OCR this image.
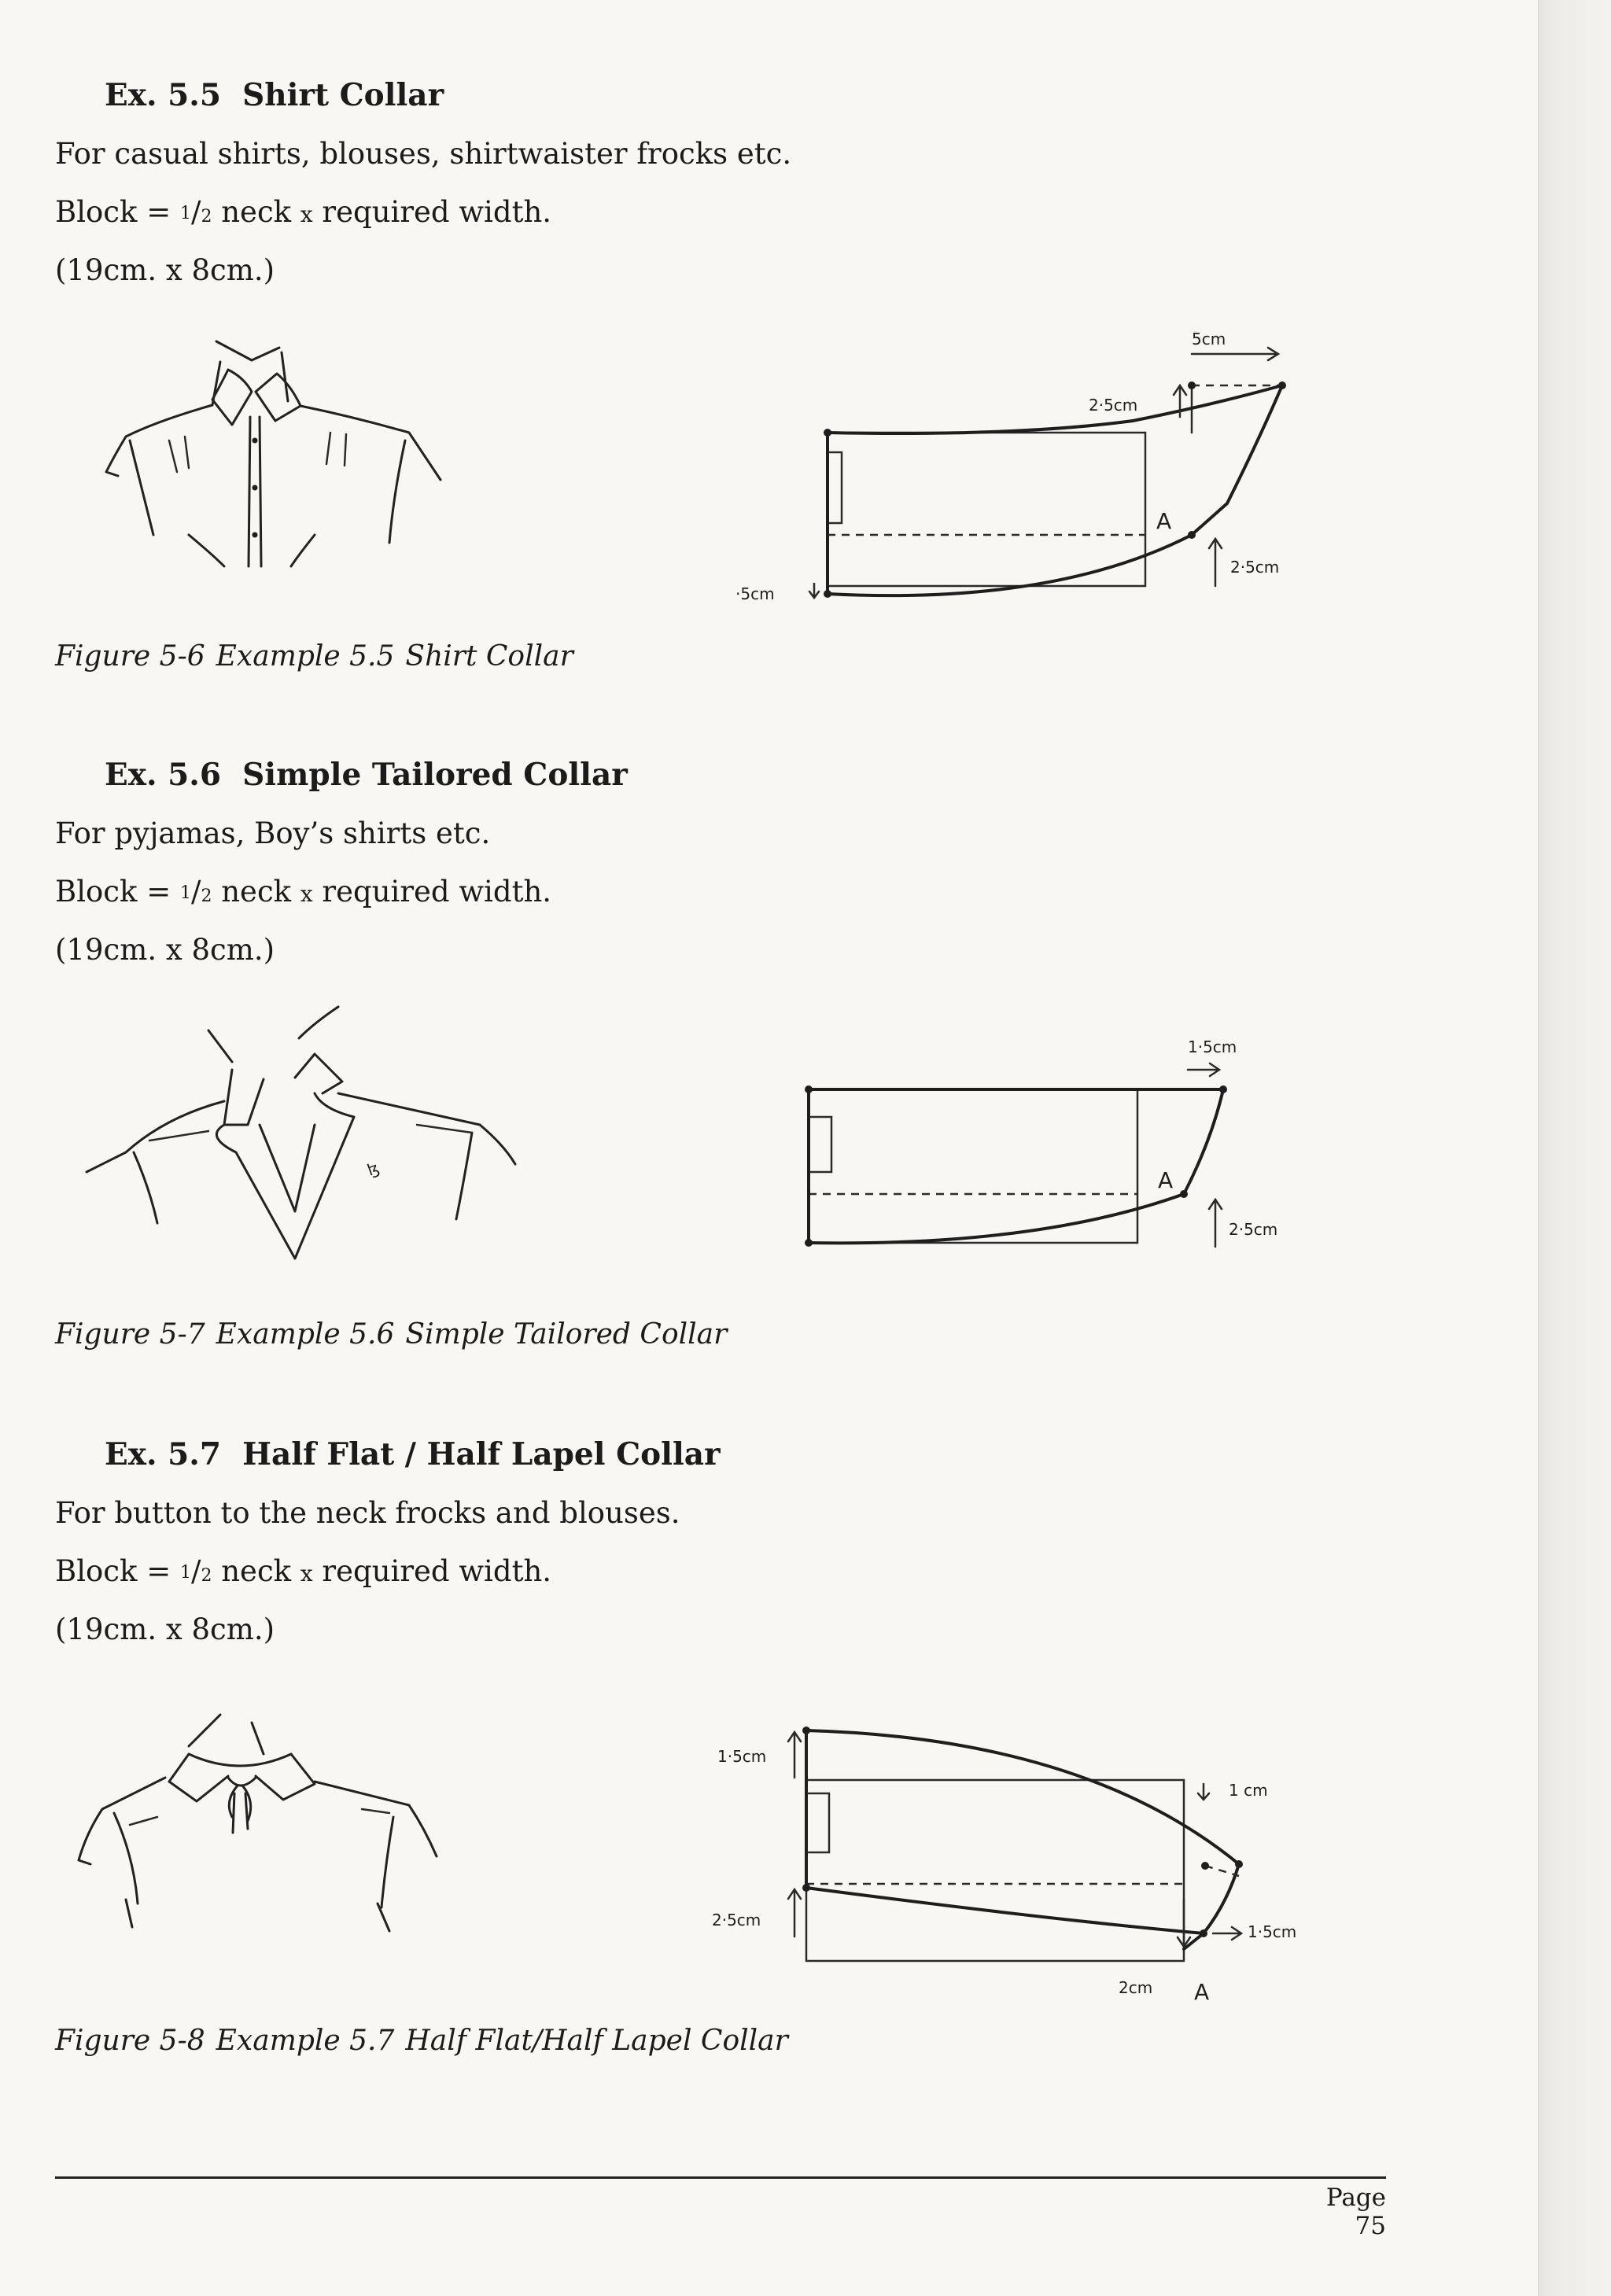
Ex. 5.5 Shirt Collar

For casual shirts, blouses, shirtwaister frocks etc.

Block = $^1$/2 neck x required width.

(19cm. x 8cm.)

5cm
2·5cm
A
2·5cm
·5cm

Figure 5-6 Example 5.5 Shirt Collar

Ex. 5.6 Simple Tailored Collar

For pyjamas, Boy’s shirts etc.

Block = $^1$/2 neck x required width.

(19cm. x 8cm.)

ɮ
1·5cm
A
2·5cm

Figure 5-7 Example 5.6 Simple Tailored Collar

Ex. 5.7 Half Flat / Half Lapel Collar

For button to the neck frocks and blouses.

Block = $^1$/2 neck x required width.

(19cm. x 8cm.)

1·5cm
1 cm
2·5cm
1·5cm
2cm A

Figure 5-8 Example 5.7 Half Flat/Half Lapel Collar

Page 75
